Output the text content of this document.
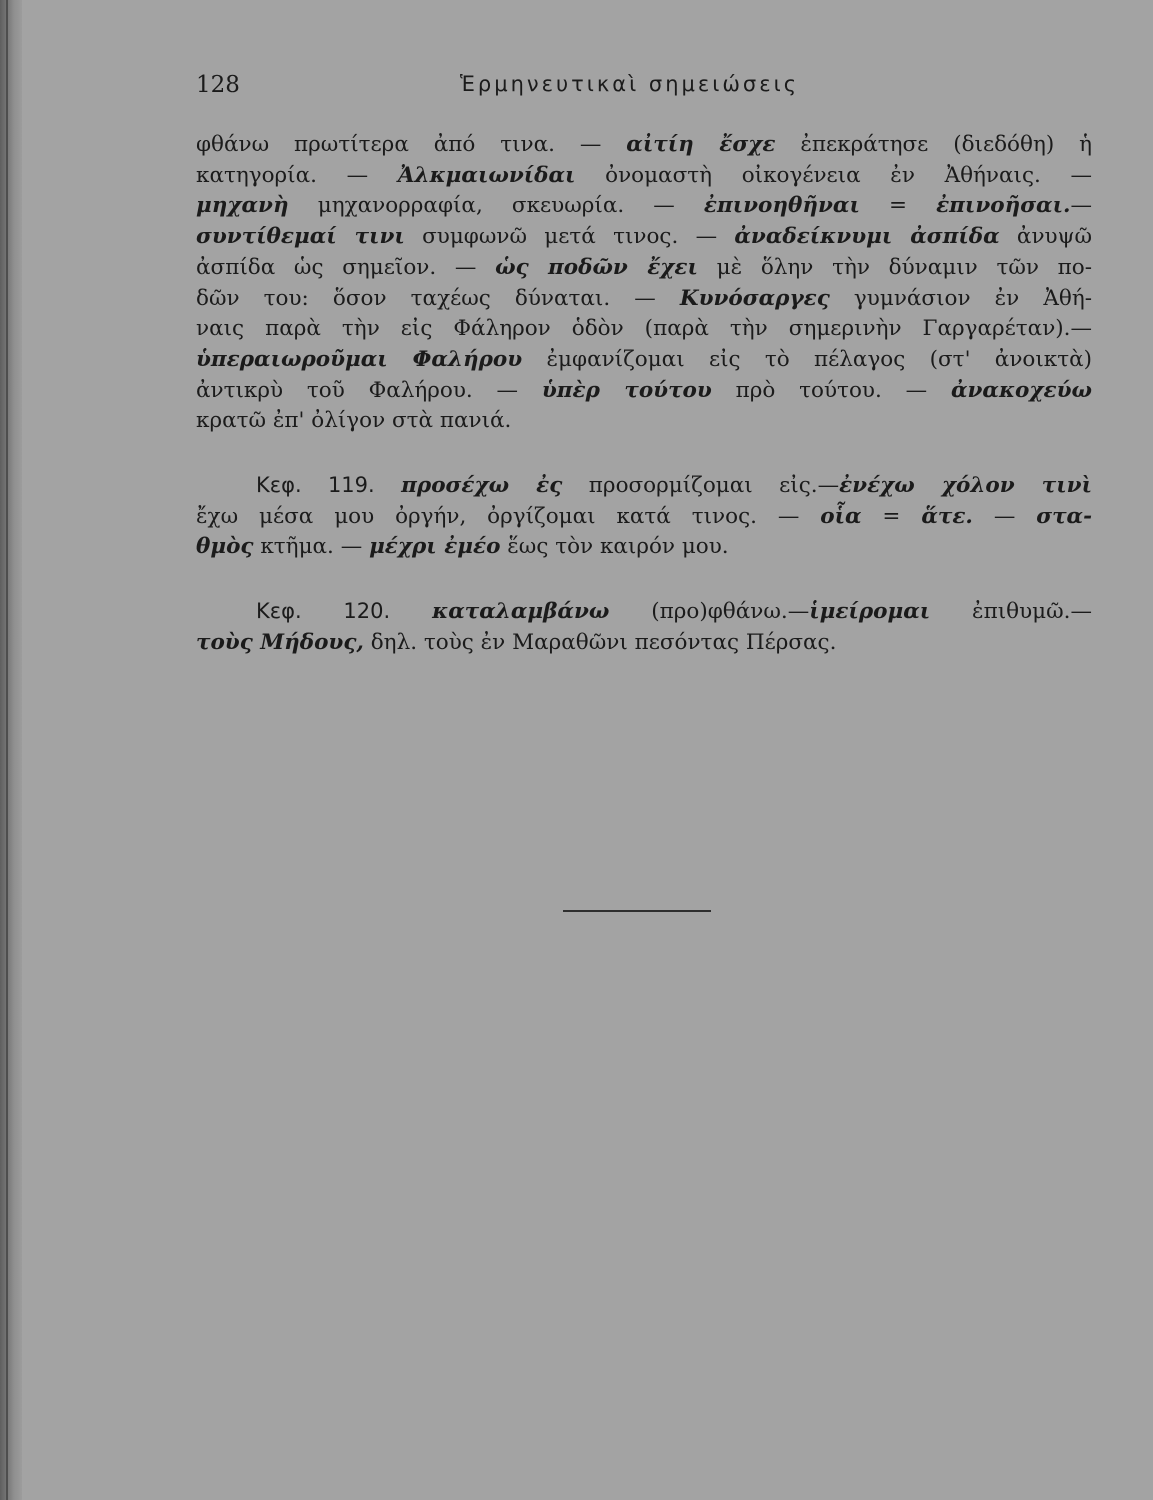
128	Ἑρμηνευτικαὶ σημειώσεις
φθάνω πρωτίτερα ἀπό τινα. — αἰτίη ἔσχε ἐπεκράτησε (διεδόθη) ἡ
κατηγορία. — Ἀλκμαιωνίδαι ὀνομαστὴ οἰκογένεια ἐν Ἀθήναις. —
μηχανὴ μηχανορραφία, σκευωρία. — ἐπινοηθῆναι = ἐπινοῆσαι.—
συντίθεμαί τινι συμφωνῶ μετά τινος. — ἀναδείκνυμι ἀσπίδα ἀνυψῶ
ἀσπίδα ὡς σημεῖον. — ὡς ποδῶν ἔχει μὲ ὅλην τὴν δύναμιν τῶν πο-
δῶν του: ὅσον ταχέως δύναται. — Κυνόσαργες γυμνάσιον ἐν Ἀθή-
ναις παρὰ τὴν εἰς Φάληρον ὁδὸν (παρὰ τὴν σημερινὴν Γαργαρέταν).—
ὑπεραιωροῦμαι Φαλήρου ἐμφανίζομαι εἰς τὸ πέλαγος (στ' ἀνοικτὰ)
ἀντικρὺ τοῦ Φαλήρου. — ὑπὲρ τούτου πρὸ τούτου. — ἀνακοχεύω
κρατῶ ἐπ' ὀλίγον στὰ πανιά.
Κεφ. 119. προσέχω ἐς προσορμίζομαι εἰς.—ἐνέχω χόλον τινὶ
ἔχω μέσα μου ὀργήν, ὀργίζομαι κατά τινος. — οἷα = ἅτε. — στα-
θμὸς κτῆμα. — μέχρι ἐμέο ἕως τὸν καιρόν μου.
Κεφ. 120. καταλαμβάνω (προ)φθάνω.—ἱμείρομαι ἐπιθυμῶ.—
τοὺς Μήδους, δηλ. τοὺς ἐν Μαραθῶνι πεσόντας Πέρσας.
